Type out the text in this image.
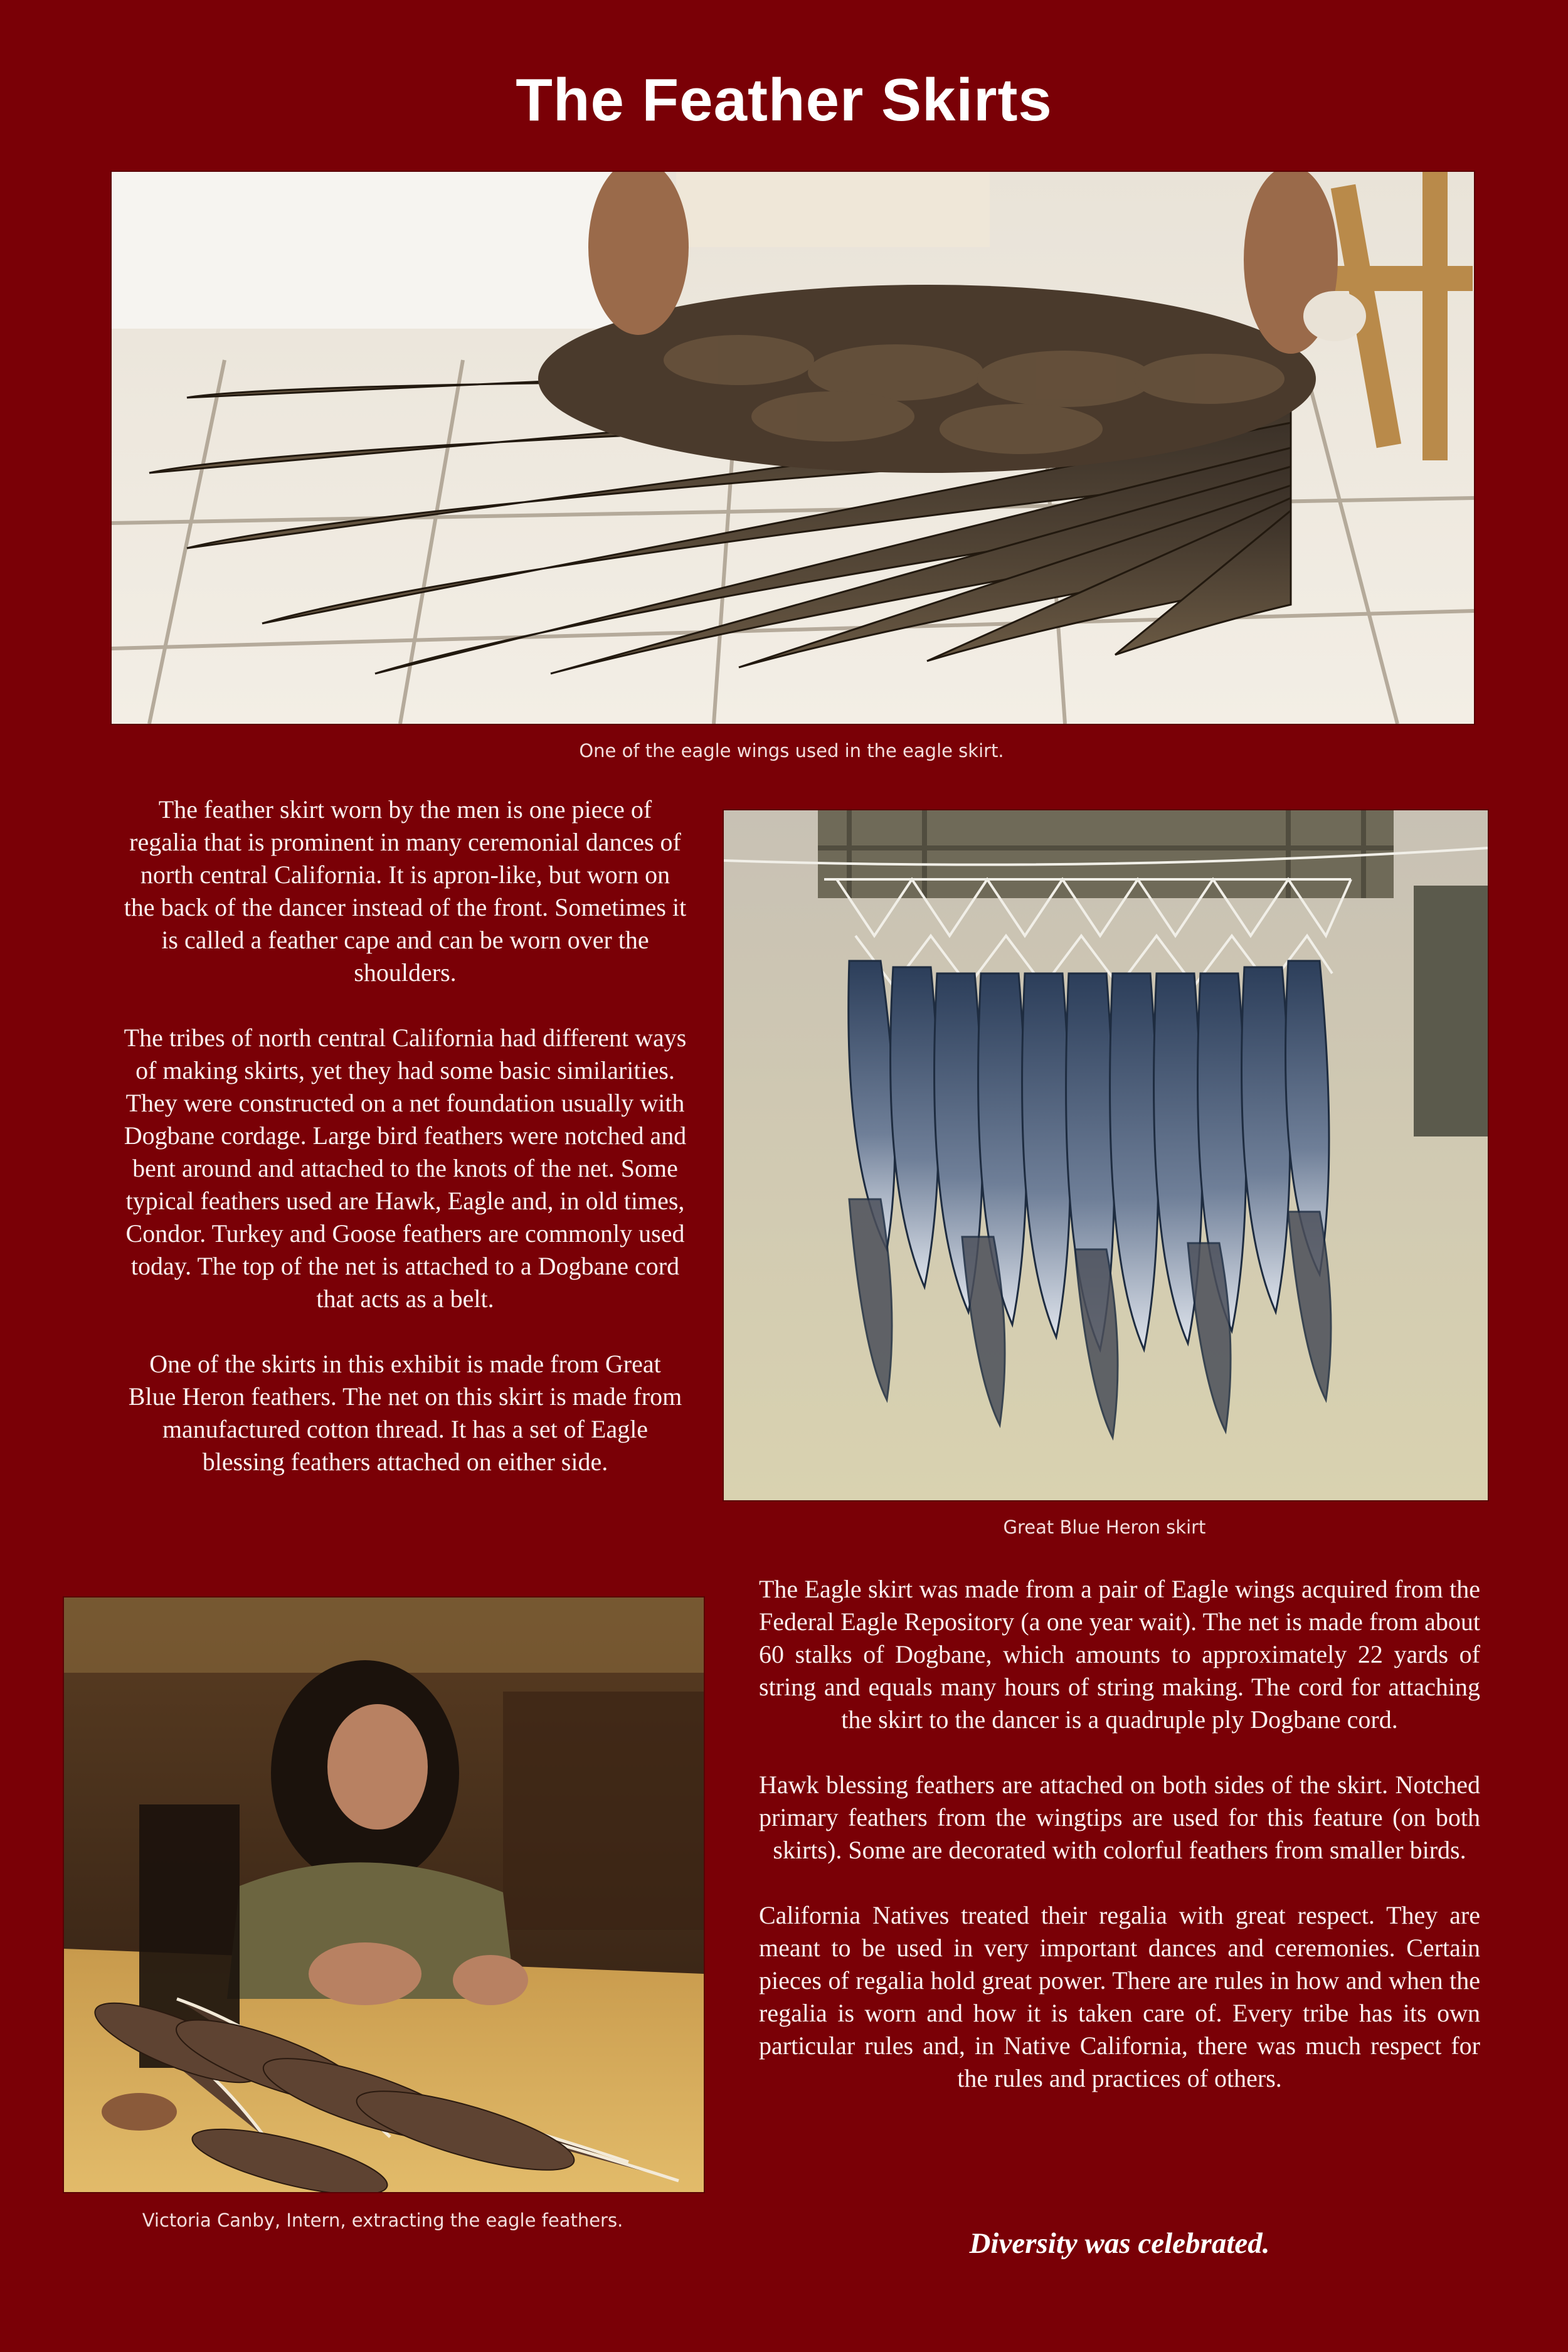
The Feather Skirts
One of the eagle wings used in the eagle skirt.

The feather skirt worn by the men is one piece of regalia that is prominent in many ceremonial dances of north central California. It is apron-like, but worn on the back of the dancer instead of the front. Sometimes it is called a feather cape and can be worn over the shoulders.

The tribes of north central California had different ways of making skirts, yet they had some basic similarities. They were constructed on a net foundation usually with Dogbane cordage. Large bird feathers were notched and bent around and attached to the knots of the net. Some typical feathers used are Hawk, Eagle and, in old times, Condor. Turkey and Goose feathers are commonly used today. The top of the net is attached to a Dogbane cord that acts as a belt.

One of the skirts in this exhibit is made from Great Blue Heron feathers. The net on this skirt is made from manufactured cotton thread. It has a set of Eagle blessing feathers attached on either side.

Great Blue Heron skirt
Victoria Canby, Intern, extracting the eagle feathers.

The Eagle skirt was made from a pair of Eagle wings acquired from the Federal Eagle Repository (a one year wait). The net is made from about 60 stalks of Dogbane, which amounts to approximately 22 yards of string and equals many hours of string making. The cord for attaching the skirt to the dancer is a quadruple ply Dogbane cord.

Hawk blessing feathers are attached on both sides of the skirt. Notched primary feathers from the wingtips are used for this feature (on both skirts). Some are decorated with colorful feathers from smaller birds.

California Natives treated their regalia with great respect. They are meant to be used in very important dances and ceremonies. Certain pieces of regalia hold great power. There are rules in how and when the regalia is worn and how it is taken care of. Every tribe has its own particular rules and, in Native California, there was much respect for the rules and practices of others.

Diversity was celebrated.
